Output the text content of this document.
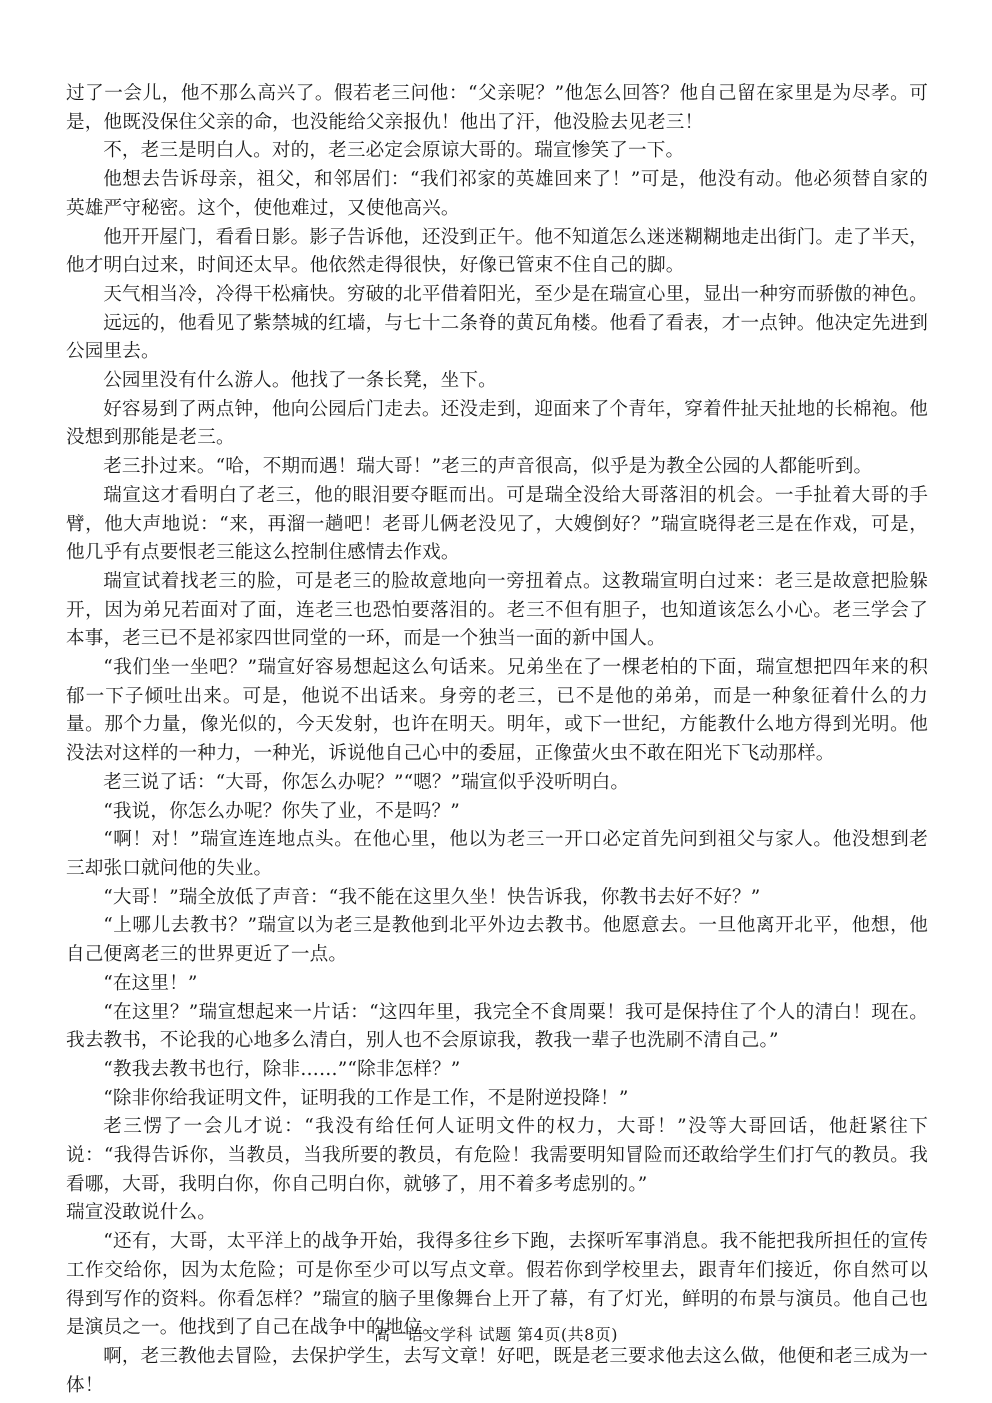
过了一会儿，他不那么高兴了。假若老三问他：“父亲呢？”他怎么回答？他自己留在家里是为尽孝。可是，他既没保住父亲的命，也没能给父亲报仇！他出了汗，他没脸去见老三！

不，老三是明白人。对的，老三必定会原谅大哥的。瑞宣惨笑了一下。

他想去告诉母亲，祖父，和邻居们：“我们祁家的英雄回来了！”可是，他没有动。他必须替自家的英雄严守秘密。这个，使他难过，又使他高兴。

他开开屋门，看看日影。影子告诉他，还没到正午。他不知道怎么迷迷糊糊地走出街门。走了半天，他才明白过来，时间还太早。他依然走得很快，好像已管束不住自己的脚。

天气相当冷，冷得干松痛快。穷破的北平借着阳光，至少是在瑞宣心里，显出一种穷而骄傲的神色。

远远的，他看见了紫禁城的红墙，与七十二条脊的黄瓦角楼。他看了看表，才一点钟。他决定先进到公园里去。

公园里没有什么游人。他找了一条长凳，坐下。

好容易到了两点钟，他向公园后门走去。还没走到，迎面来了个青年，穿着件扯天扯地的长棉袍。他没想到那能是老三。

老三扑过来。“哈，不期而遇！瑞大哥！”老三的声音很高，似乎是为教全公园的人都能听到。

瑞宣这才看明白了老三，他的眼泪要夺眶而出。可是瑞全没给大哥落泪的机会。一手扯着大哥的手臂，他大声地说：“来，再溜一趟吧！老哥儿俩老没见了，大嫂倒好？”瑞宣晓得老三是在作戏，可是，他几乎有点要恨老三能这么控制住感情去作戏。

瑞宣试着找老三的脸，可是老三的脸故意地向一旁扭着点。这教瑞宣明白过来：老三是故意把脸躲开，因为弟兄若面对了面，连老三也恐怕要落泪的。老三不但有胆子，也知道该怎么小心。老三学会了本事，老三已不是祁家四世同堂的一环，而是一个独当一面的新中国人。

“我们坐一坐吧？”瑞宣好容易想起这么句话来。兄弟坐在了一棵老柏的下面，瑞宣想把四年来的积郁一下子倾吐出来。可是，他说不出话来。身旁的老三，已不是他的弟弟，而是一种象征着什么的力量。那个力量，像光似的，今天发射，也许在明天。明年，或下一世纪，方能教什么地方得到光明。他没法对这样的一种力，一种光，诉说他自己心中的委屈，正像萤火虫不敢在阳光下飞动那样。

老三说了话：“大哥，你怎么办呢？”“嗯？”瑞宣似乎没听明白。

“我说，你怎么办呢？你失了业，不是吗？”

“啊！对！”瑞宣连连地点头。在他心里，他以为老三一开口必定首先问到祖父与家人。他没想到老三却张口就问他的失业。

“大哥！”瑞全放低了声音：“我不能在这里久坐！快告诉我，你教书去好不好？”

“上哪儿去教书？”瑞宣以为老三是教他到北平外边去教书。他愿意去。一旦他离开北平，他想，他自己便离老三的世界更近了一点。

“在这里！”

“在这里？”瑞宣想起来一片话：“这四年里，我完全不食周粟！我可是保持住了个人的清白！现在。我去教书，不论我的心地多么清白，别人也不会原谅我，教我一辈子也洗刷不清自己。”

“教我去教书也行，除非……”“除非怎样？”

“除非你给我证明文件，证明我的工作是工作，不是附逆投降！”

老三愣了一会儿才说：“我没有给任何人证明文件的权力，大哥！”没等大哥回话，他赶紧往下说：“我得告诉你，当教员，当我所要的教员，有危险！我需要明知冒险而还敢给学生们打气的教员。我看哪，大哥，我明白你，你自己明白你，就够了，用不着多考虑别的。”

瑞宣没敢说什么。

“还有，大哥，太平洋上的战争开始，我得多往乡下跑，去探听军事消息。我不能把我所担任的宣传工作交给你，因为太危险；可是你至少可以写点文章。假若你到学校里去，跟青年们接近，你自然可以得到写作的资料。你看怎样？”瑞宣的脑子里像舞台上开了幕，有了灯光，鲜明的布景与演员。他自己也是演员之一。他找到了自己在战争中的地位。

啊，老三教他去冒险，去保护学生，去写文章！好吧，既是老三要求他去这么做，他便和老三成为一体！

高一语文学科 试题 第4页(共8页)
